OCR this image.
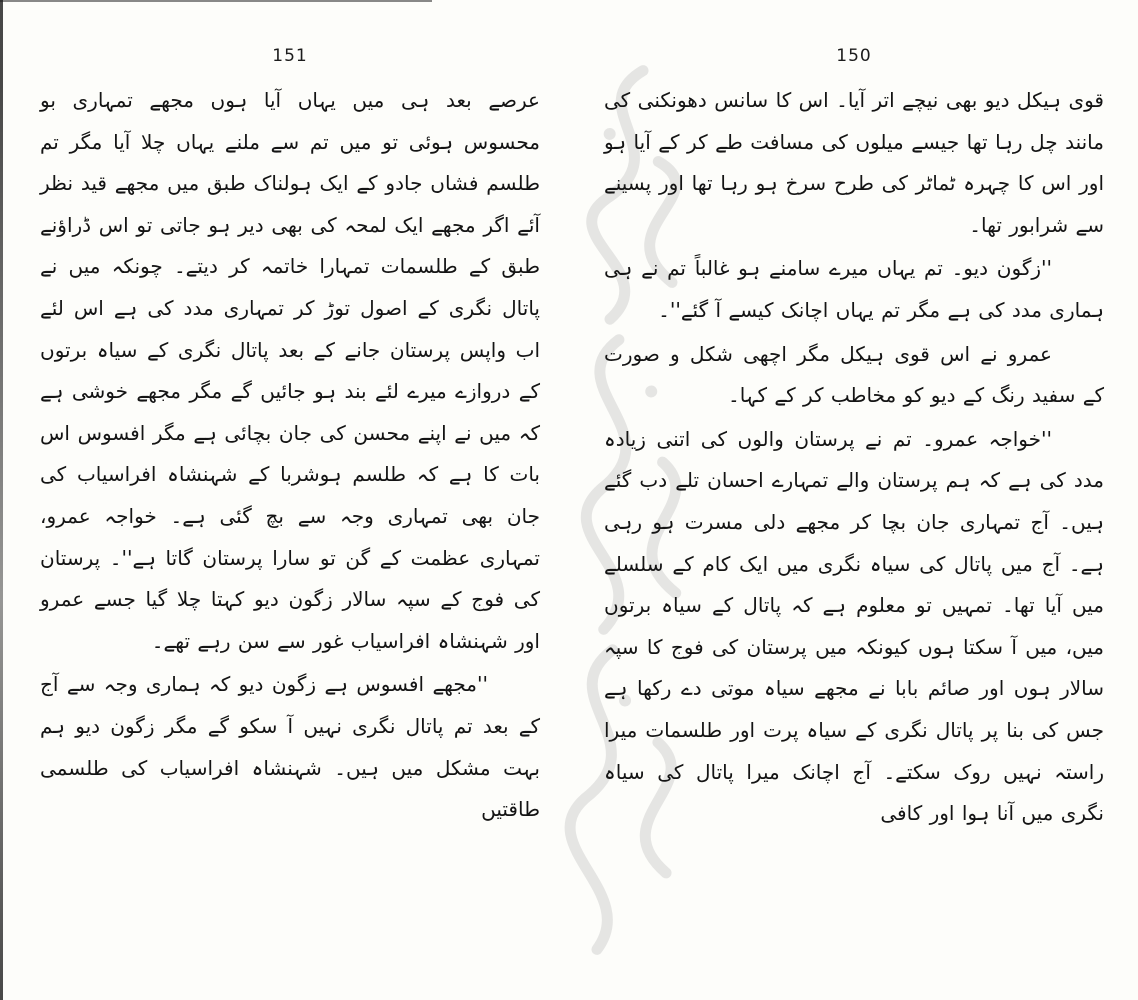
151

عرصے بعد ہی میں یہاں آیا ہوں مجھے تمہاری بو محسوس ہوئی تو میں تم سے ملنے یہاں چلا آیا مگر تم طلسم فشاں جادو کے ایک ہولناک طبق میں مجھے قید نظر آئے اگر مجھے ایک لمحہ کی بھی دیر ہو جاتی تو اس ڈراؤنے طبق کے طلسمات تمہارا خاتمہ کر دیتے۔ چونکہ میں نے پاتال نگری کے اصول توڑ کر تمہاری مدد کی ہے اس لئے اب واپس پرستان جانے کے بعد پاتال نگری کے سیاہ برتوں کے دروازے میرے لئے بند ہو جائیں گے مگر مجھے خوشی ہے کہ میں نے اپنے محسن کی جان بچائی ہے مگر افسوس اس بات کا ہے کہ طلسم ہوشربا کے شہنشاہ افراسیاب کی جان بھی تمہاری وجہ سے بچ گئی ہے۔ خواجہ عمرو، تمہاری عظمت کے گن تو سارا پرستان گاتا ہے''۔ پرستان کی فوج کے سپہ سالار زگون دیو کہتا چلا گیا جسے عمرو اور شہنشاہ افراسیاب غور سے سن رہے تھے۔

''مجھے افسوس ہے زگون دیو کہ ہماری وجہ سے آج کے بعد تم پاتال نگری نہیں آ سکو گے مگر زگون دیو ہم بہت مشکل میں ہیں۔ شہنشاہ افراسیاب کی طلسمی طاقتیں

150

قوی ہیکل دیو بھی نیچے اتر آیا۔ اس کا سانس دھونکنی کی مانند چل رہا تھا جیسے میلوں کی مسافت طے کر کے آیا ہو اور اس کا چہرہ ٹماٹر کی طرح سرخ ہو رہا تھا اور پسینے سے شرابور تھا۔

''زگون دیو۔ تم یہاں میرے سامنے ہو غالباً تم نے ہی ہماری مدد کی ہے مگر تم یہاں اچانک کیسے آ گئے''۔

عمرو نے اس قوی ہیکل مگر اچھی شکل و صورت کے سفید رنگ کے دیو کو مخاطب کر کے کہا۔

''خواجہ عمرو۔ تم نے پرستان والوں کی اتنی زیادہ مدد کی ہے کہ ہم پرستان والے تمہارے احسان تلے دب گئے ہیں۔ آج تمہاری جان بچا کر مجھے دلی مسرت ہو رہی ہے۔ آج میں پاتال کی سیاہ نگری میں ایک کام کے سلسلے میں آیا تھا۔ تمہیں تو معلوم ہے کہ پاتال کے سیاہ برتوں میں، میں آ سکتا ہوں کیونکہ میں پرستان کی فوج کا سپہ سالار ہوں اور صائم بابا نے مجھے سیاہ موتی دے رکھا ہے جس کی بنا پر پاتال نگری کے سیاہ پرت اور طلسمات میرا راستہ نہیں روک سکتے۔ آج اچانک میرا پاتال کی سیاہ نگری میں آنا ہوا اور کافی
